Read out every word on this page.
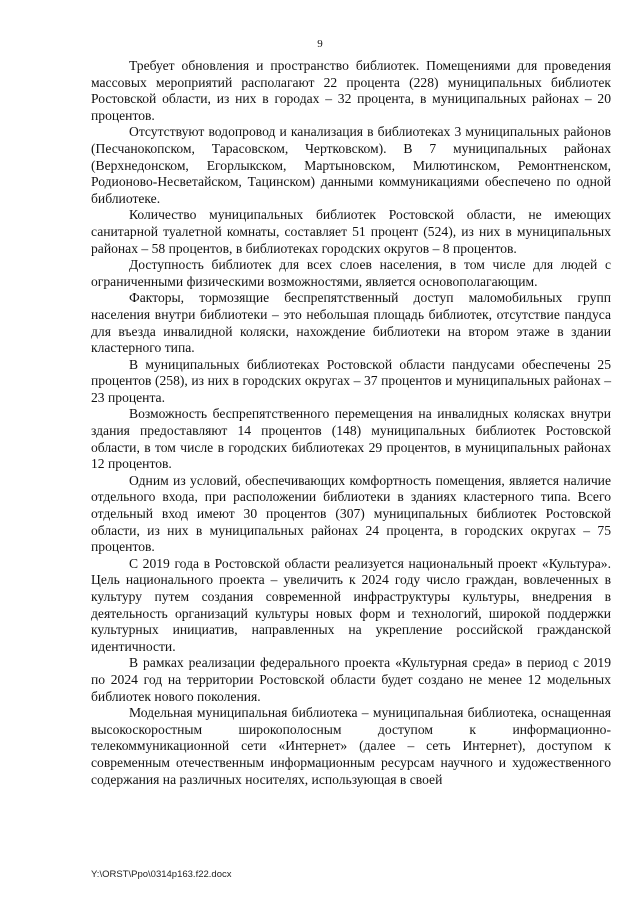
9

Требует обновления и пространство библиотек. Помещениями для проведения массовых мероприятий располагают 22 процента (228) муниципальных библиотек Ростовской области, из них в городах – 32 процента, в муниципальных районах – 20 процентов.

Отсутствуют водопровод и канализация в библиотеках 3 муниципальных районов (Песчанокопском, Тарасовском, Чертковском). В 7 муниципальных районах (Верхнедонском, Егорлыкском, Мартыновском, Милютинском, Ремонтненском, Родионово-Несветайском, Тацинском) данными коммуникациями обеспечено по одной библиотеке.

Количество муниципальных библиотек Ростовской области, не имеющих санитарной туалетной комнаты, составляет 51 процент (524), из них в муниципальных районах – 58 процентов, в библиотеках городских округов – 8 процентов.

Доступность библиотек для всех слоев населения, в том числе для людей с ограниченными физическими возможностями, является основополагающим.

Факторы, тормозящие беспрепятственный доступ маломобильных групп населения внутри библиотеки – это небольшая площадь библиотек, отсутствие пандуса для въезда инвалидной коляски, нахождение библиотеки на втором этаже в здании кластерного типа.

В муниципальных библиотеках Ростовской области пандусами обеспечены 25 процентов (258), из них в городских округах – 37 процентов и муниципальных районах – 23 процента.

Возможность беспрепятственного перемещения на инвалидных колясках внутри здания предоставляют 14 процентов (148) муниципальных библиотек Ростовской области, в том числе в городских библиотеках 29 процентов, в муниципальных районах 12 процентов.

Одним из условий, обеспечивающих комфортность помещения, является наличие отдельного входа, при расположении библиотеки в зданиях кластерного типа. Всего отдельный вход имеют 30 процентов (307) муниципальных библиотек Ростовской области, из них в муниципальных районах 24 процента, в городских округах – 75 процентов.

С 2019 года в Ростовской области реализуется национальный проект «Культура». Цель национального проекта – увеличить к 2024 году число граждан, вовлеченных в культуру путем создания современной инфраструктуры культуры, внедрения в деятельность организаций культуры новых форм и технологий, широкой поддержки культурных инициатив, направленных на укрепление российской гражданской идентичности.

В рамках реализации федерального проекта «Культурная среда» в период с 2019 по 2024 год на территории Ростовской области будет создано не менее 12 модельных библиотек нового поколения.

Модельная муниципальная библиотека – муниципальная библиотека, оснащенная высокоскоростным широкополосным доступом к информационно-телекоммуникационной сети «Интернет» (далее – сеть Интернет), доступом к современным отечественным информационным ресурсам научного и художественного содержания на различных носителях, использующая в своей

Y:\ORST\Ppo\0314p163.f22.docx
